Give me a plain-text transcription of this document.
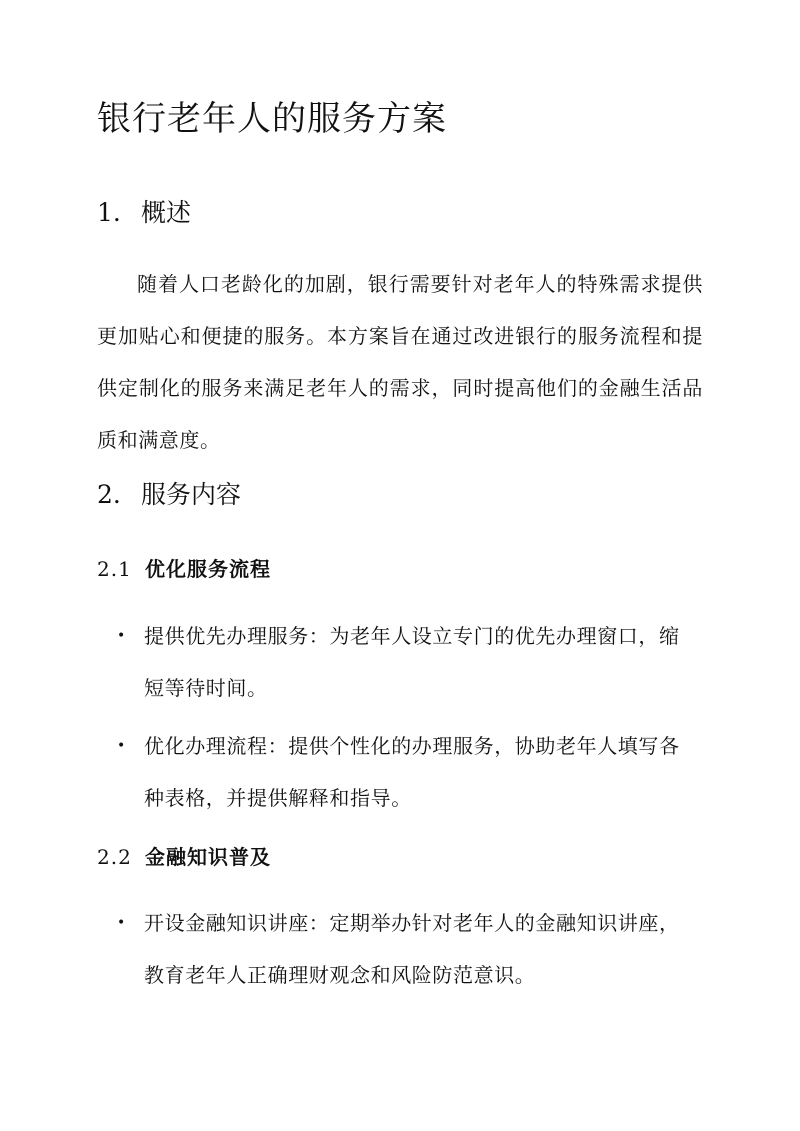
银行老年人的服务方案
1. 概述

随着人口老龄化的加剧，银行需要针对老年人的特殊需求提供更加贴心和便捷的服务。本方案旨在通过改进银行的服务流程和提供定制化的服务来满足老年人的需求，同时提高他们的金融生活品质和满意度。

2. 服务内容
2.1 优化服务流程
• 提供优先办理服务：为老年人设立专门的优先办理窗口，缩短等待时间。
• 优化办理流程：提供个性化的办理服务，协助老年人填写各种表格，并提供解释和指导。
2.2 金融知识普及
• 开设金融知识讲座：定期举办针对老年人的金融知识讲座，教育老年人正确理财观念和风险防范意识。
